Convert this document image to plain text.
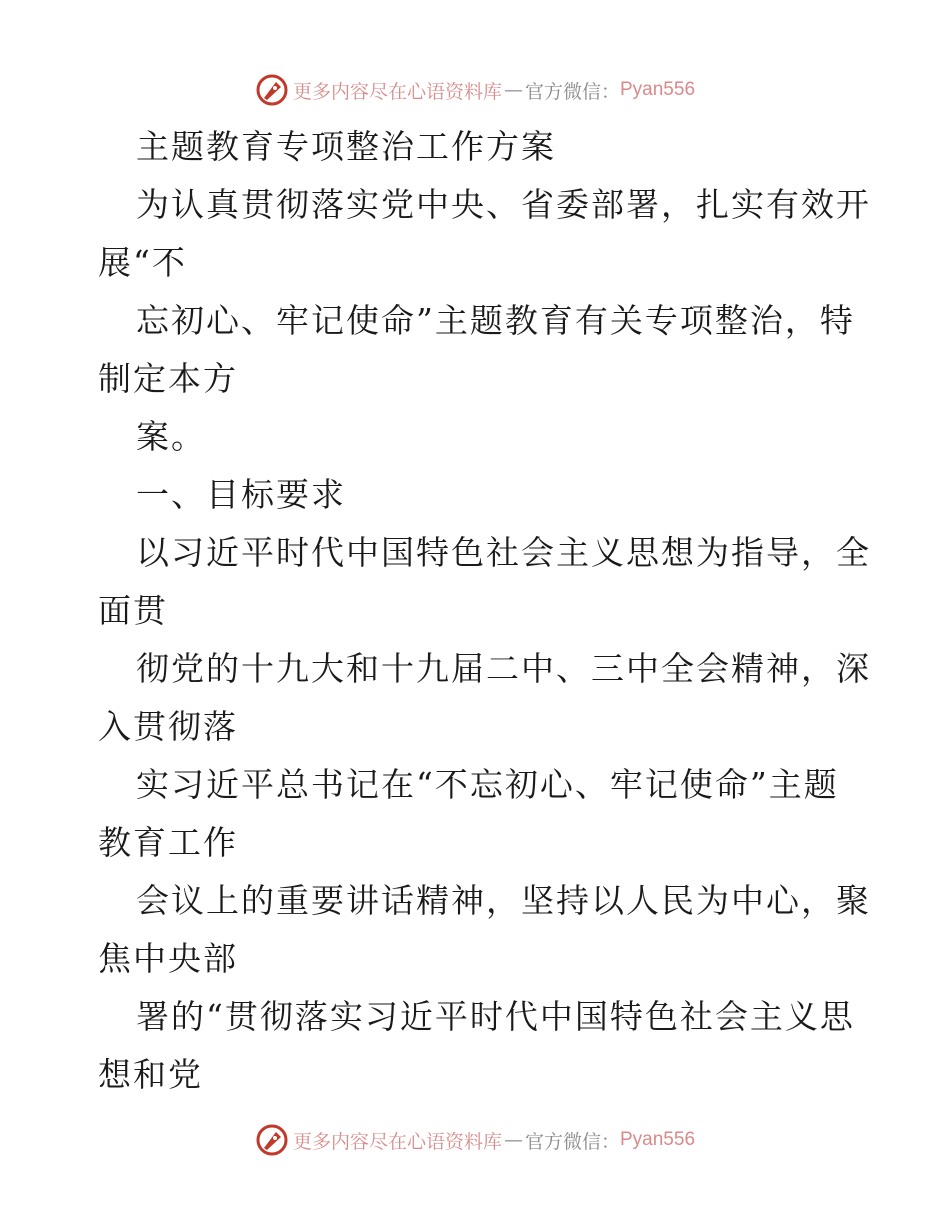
更多内容尽在心语资料库 — 官方微信： Pyan556
主题教育专项整治工作方案
为认真贯彻落实党中央、省委部署，扎实有效开
展“不
忘初心、牢记使命”主题教育有关专项整治，特
制定本方
案。
一、目标要求
以习近平时代中国特色社会主义思想为指导，全
面贯
彻党的十九大和十九届二中、三中全会精神，深
入贯彻落
实习近平总书记在“不忘初心、牢记使命”主题
教育工作
会议上的重要讲话精神，坚持以人民为中心，聚
焦中央部
署的“贯彻落实习近平时代中国特色社会主义思
想和党
更多内容尽在心语资料库 — 官方微信： Pyan556
